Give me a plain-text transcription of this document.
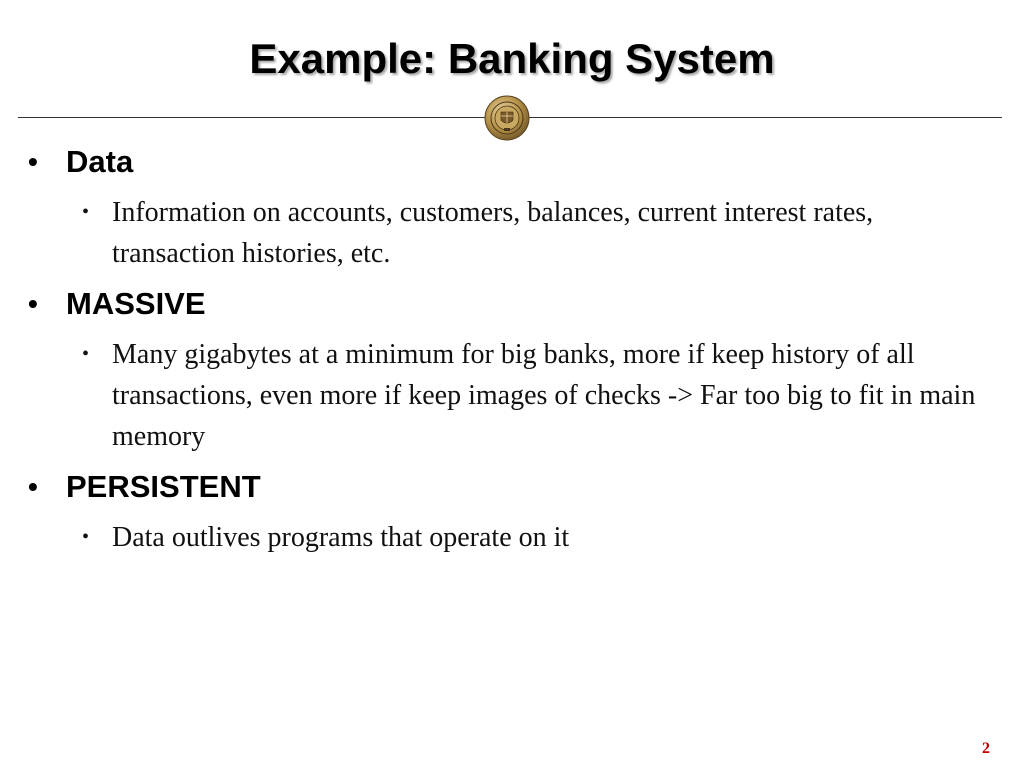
Example: Banking System
• Data
• Information on accounts, customers, balances, current interest rates, transaction histories, etc.
• MASSIVE
• Many gigabytes at a minimum for big banks, more if keep history of all transactions, even more if keep images of checks -> Far too big to fit in main memory
• PERSISTENT
• Data outlives programs that operate on it
2
